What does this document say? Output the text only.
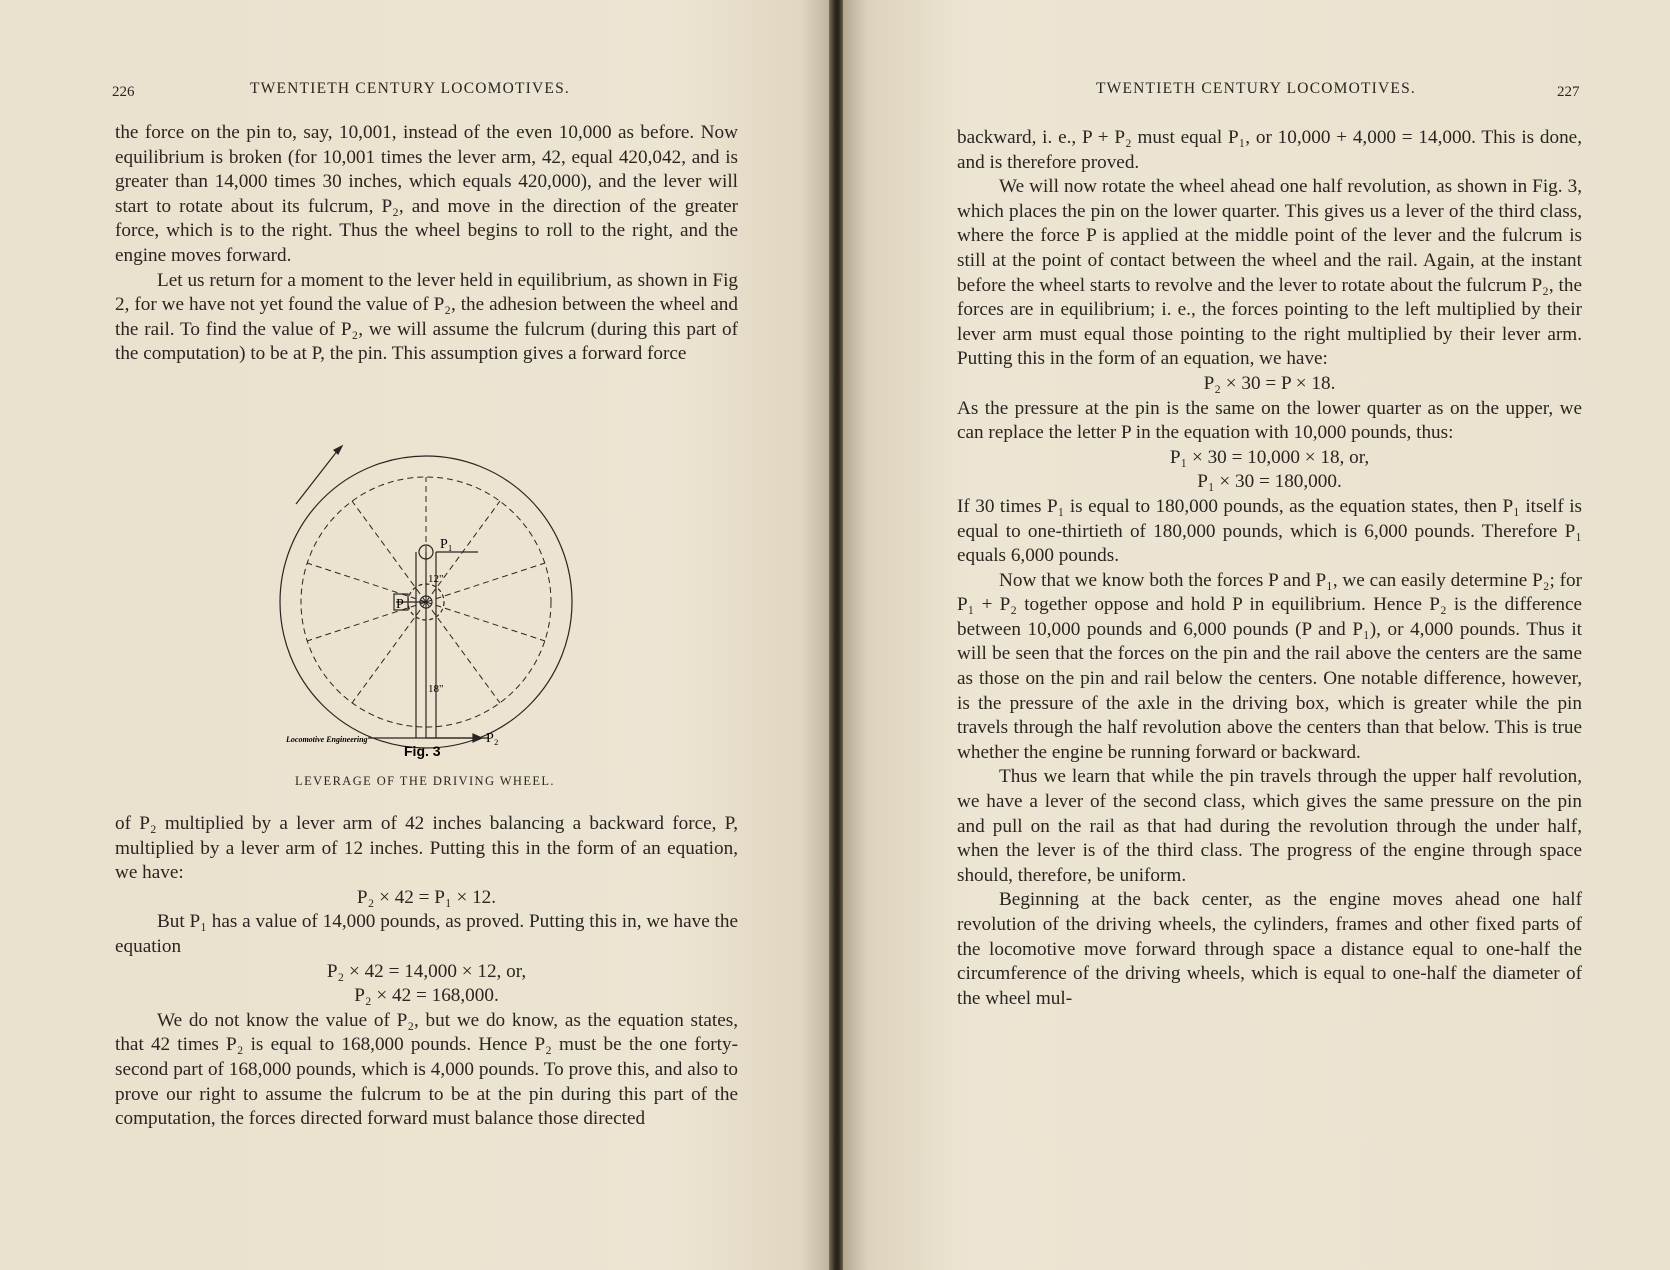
226	TWENTIETH CENTURY LOCOMOTIVES.

the force on the pin to, say, 10,001, instead of the even 10,000 as before. Now equilibrium is broken (for 10,001 times the lever arm, 42, equal 420,042, and is greater than 14,000 times 30 inches, which equals 420,000), and the lever will start to rotate about its fulcrum, P₂, and move in the direction of the greater force, which is to the right. Thus the wheel begins to roll to the right, and the engine moves forward.

Let us return for a moment to the lever held in equilibrium, as shown in Fig 2, for we have not yet found the value of P₂, the adhesion between the wheel and the rail. To find the value of P₂, we will assume the fulcrum (during this part of the computation) to be at P, the pin. This assumption gives a forward force

P₁
P
P₂
12"
18"
Locomotive Engineering
Fig. 3
LEVERAGE OF THE DRIVING WHEEL.

of P₂ multiplied by a lever arm of 42 inches balancing a backward force, P, multiplied by a lever arm of 12 inches. Putting this in the form of an equation, we have:

P₂ × 42 = P₁ × 12.

But P₁ has a value of 14,000 pounds, as proved. Putting this in, we have the equation

P₂ × 42 = 14,000 × 12, or,

P₂ × 42 = 168,000.

We do not know the value of P₂, but we do know, as the equation states, that 42 times P₂ is equal to 168,000 pounds. Hence P₂ must be the one forty-second part of 168,000 pounds, which is 4,000 pounds. To prove this, and also to prove our right to assume the fulcrum to be at the pin during this part of the computation, the forces directed forward must balance those directed

TWENTIETH CENTURY LOCOMOTIVES.	227

backward, i. e., P + P₂ must equal P₁, or 10,000 + 4,000 = 14,000. This is done, and is therefore proved.

We will now rotate the wheel ahead one half revolution, as shown in Fig. 3, which places the pin on the lower quarter. This gives us a lever of the third class, where the force P is applied at the middle point of the lever and the fulcrum is still at the point of contact between the wheel and the rail. Again, at the instant before the wheel starts to revolve and the lever to rotate about the fulcrum P₂, the forces are in equilibrium; i. e., the forces pointing to the left multiplied by their lever arm must equal those pointing to the right multiplied by their lever arm. Putting this in the form of an equation, we have:

P₂ × 30 = P × 18.

As the pressure at the pin is the same on the lower quarter as on the upper, we can replace the letter P in the equation with 10,000 pounds, thus:

P₁ × 30 = 10,000 × 18, or,

P₁ × 30 = 180,000.

If 30 times P₁ is equal to 180,000 pounds, as the equation states, then P₁ itself is equal to one-thirtieth of 180,000 pounds, which is 6,000 pounds. Therefore P₁ equals 6,000 pounds.

Now that we know both the forces P and P₁, we can easily determine P₂; for P₁ + P₂ together oppose and hold P in equilibrium. Hence P₂ is the difference between 10,000 pounds and 6,000 pounds (P and P₁), or 4,000 pounds. Thus it will be seen that the forces on the pin and the rail above the centers are the same as those on the pin and rail below the centers. One notable difference, however, is the pressure of the axle in the driving box, which is greater while the pin travels through the half revolution above the centers than that below. This is true whether the engine be running forward or backward.

Thus we learn that while the pin travels through the upper half revolution, we have a lever of the second class, which gives the same pressure on the pin and pull on the rail as that had during the revolution through the under half, when the lever is of the third class. The progress of the engine through space should, therefore, be uniform.

Beginning at the back center, as the engine moves ahead one half revolution of the driving wheels, the cylinders, frames and other fixed parts of the locomotive move forward through space a distance equal to one-half the circumference of the driving wheels, which is equal to one-half the diameter of the wheel mul-
